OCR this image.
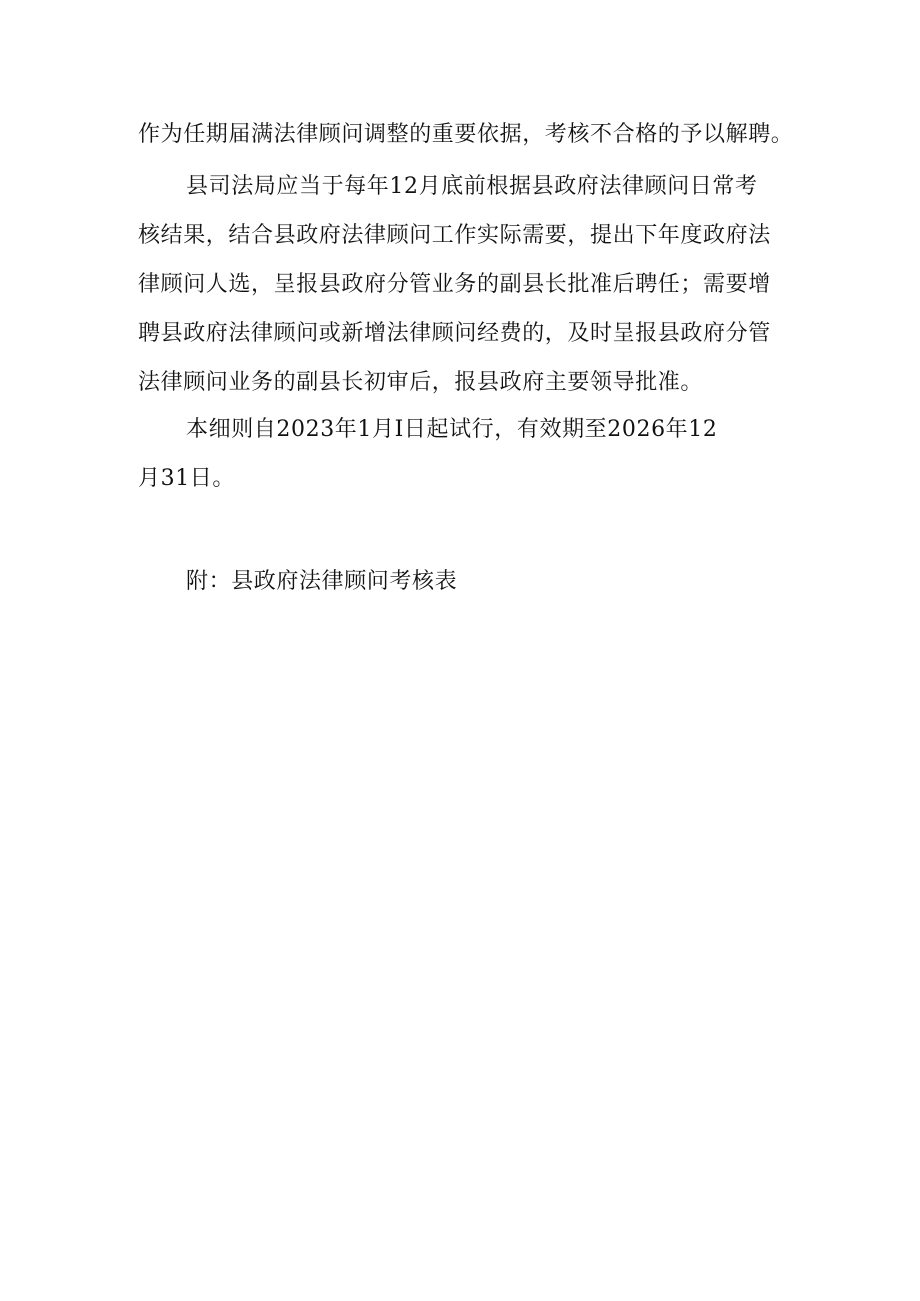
作为任期届满法律顾问调整的重要依据，考核不合格的予以解聘。

县司法局应当于每年12月底前根据县政府法律顾问日常考

核结果，结合县政府法律顾问工作实际需要，提出下年度政府法

律顾问人选，呈报县政府分管业务的副县长批准后聘任；需要增

聘县政府法律顾问或新增法律顾问经费的，及时呈报县政府分管

法律顾问业务的副县长初审后，报县政府主要领导批准。

本细则自2023年1月I日起试行，有效期至2026年12

月31日。

附：县政府法律顾问考核表
